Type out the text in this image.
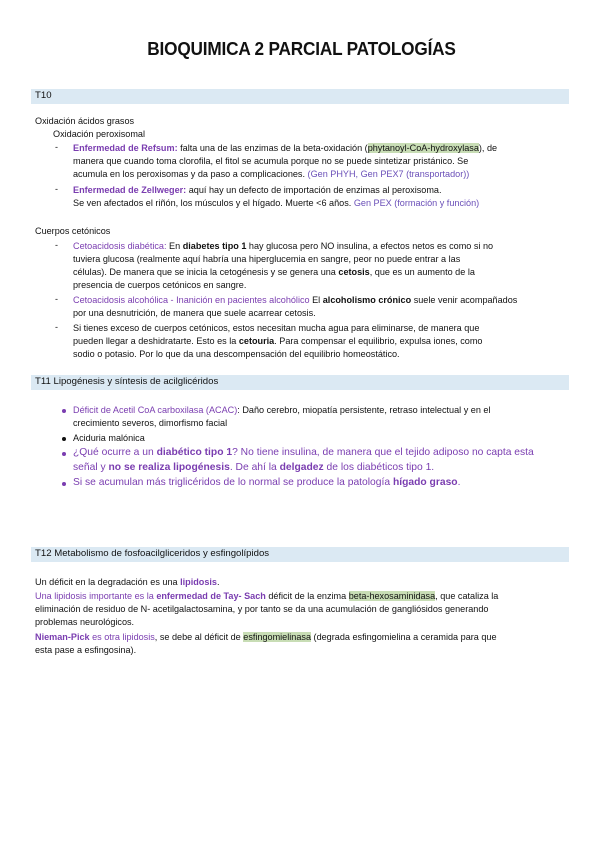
BIOQUIMICA 2 PARCIAL PATOLOGÍAS
T10
Oxidación ácidos grasos
Oxidación peroxisomal
- Enfermedad de Refsum: falta una de las enzimas de la beta-oxidación (phytanoyl-CoA-hydroxylasa), de
manera que cuando toma clorofila, el fitol se acumula porque no se puede sintetizar pristánico. Se
acumula en los peroxisomas y da paso a complicaciones. (Gen PHYH, Gen PEX7 (transportador))
- Enfermedad de Zellweger: aquí hay un defecto de importación de enzimas al peroxisoma.
Se ven afectados el riñón, los músculos y el hígado. Muerte <6 años. Gen PEX (formación y función)
Cuerpos cetónicos
- Cetoacidosis diabética: En diabetes tipo 1 hay glucosa pero NO insulina, a efectos netos es como si no
tuviera glucosa (realmente aquí habría una hiperglucemia en sangre, peor no puede entrar a las
células). De manera que se inicia la cetogénesis y se genera una cetosis, que es un aumento de la
presencia de cuerpos cetónicos en sangre.
- Cetoacidosis alcohólica - Inanición en pacientes alcohólico El alcoholismo crónico suele venir acompañados
por una desnutrición, de manera que suele acarrear cetosis.
- Si tienes exceso de cuerpos cetónicos, estos necesitan mucha agua para eliminarse, de manera que
pueden llegar a deshidratarte. Esto es la cetouria. Para compensar el equilibrio, expulsa iones, como
sodio o potasio. Por lo que da una descompensación del equilibrio homeostático.
T11 Lipogénesis y síntesis de acilglicéridos
Déficit de Acetil CoA carboxilasa (ACAC): Daño cerebro, miopatía persistente, retraso intelectual y en el
crecimiento severos, dimorfismo facial
Aciduria malónica
¿Qué ocurre a un diabético tipo 1? No tiene insulina, de manera que el tejido adiposo no capta esta
señal y no se realiza lipogénesis. De ahí la delgadez de los diabéticos tipo 1.
Si se acumulan más triglicéridos de lo normal se produce la patología hígado graso.
T12 Metabolismo de fosfoacilgliceridos y esfingolípidos
Un déficit en la degradación es una lipidosis.
Una lipidosis importante es la enfermedad de Tay- Sach déficit de la enzima beta-hexosaminidasa, que cataliza la
eliminación de residuo de N- acetilgalactosamina, y por tanto se da una acumulación de gangliósidos generando
problemas neurológicos.
Nieman-Pick es otra lipidosis, se debe al déficit de esfingomielinasa (degrada esfingomielina a ceramida para que
esta pase a esfingosina).
